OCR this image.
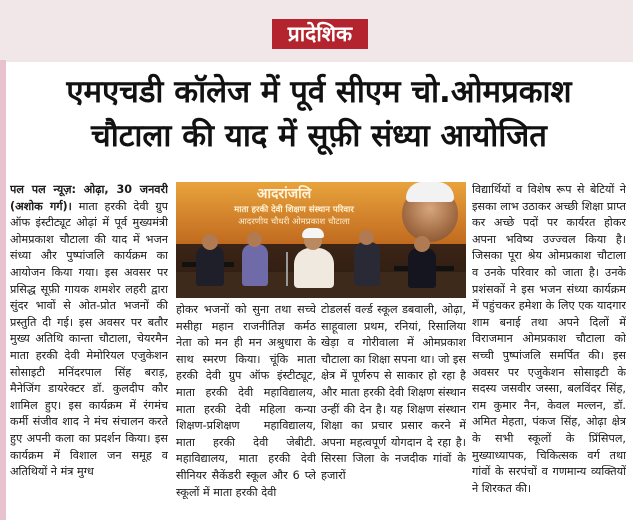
प्रादेशिक
एमएचडी कॉलेज में पूर्व सीएम चो.ओमप्रकाश
चौटाला की याद में सूफ़ी संध्या आयोजित
पल पल न्यूज़: ओढ़ा, 30 जनवरी (अशोक गर्ग)। माता हरकी देवी ग्रुप ऑफ इंस्टीट्यूट ओढ़ां में पूर्व मुख्यमंत्री ओमप्रकाश चौटाला की याद में भजन संध्या और पुष्पांजलि कार्यक्रम का आयोजन किया गया। इस अवसर पर प्रसिद्ध सूफ़ी गायक शमशेर लहरी द्वारा सुंदर भावों से ओत-प्रोत भजनों की प्रस्तुति दी गई। इस अवसर पर बतौर मुख्य अतिथि कान्ता चौटाला, चेयरमैन माता हरकी देवी मेमोरियल एजुकेशन सोसाइटी मनिंदरपाल सिंह बराड़, मैनेजिंग डायरेक्टर डॉ. कुलदीप कौर शामिल हुए। इस कार्यक्रम में रंगमंच कर्मी संजीव शाद ने मंच संचालन करते हुए अपनी कला का प्रदर्शन किया। इस कार्यक्रम में विशाल जन समूह व अतिथियों ने मंत्र मुग्ध
आदरांजलि
माता हरकी देवी शिक्षण संस्थान परिवार
आदरणीय चौधरी ओमप्रकाश चौटाला
होकर भजनों को सुना तथा सच्चे मसीहा महान राजनीतिज्ञ कर्मठ नेता को मन ही मन अश्रुधारा के साथ स्मरण किया। चूंकि माता हरकी देवी ग्रुप ऑफ इंस्टीट्यूट, माता हरकी देवी महाविद्यालय, माता हरकी देवी महिला कन्या शिक्षण-प्रशिक्षण महाविद्यालय, माता हरकी देवी जेबीटी. महाविद्यालय, माता हरकी देवी सीनियर सैकेंडरी स्कूल और 6 प्ले स्कूलों में माता हरकी देवी
टोडलर्स वर्ल्ड स्कूल डबवाली, ओढ़ा, साहूवाला प्रथम, रनियां, रिसालिया खेड़ा व गोरीवाला में ओमप्रकाश चौटाला का शिक्षा सपना था। जो इस क्षेत्र में पूर्णरुप से साकार हो रहा है और माता हरकी देवी शिक्षण संस्थान उन्हीं की देन है। यह शिक्षण संस्थान शिक्षा का प्रचार प्रसार करने में अपना महत्वपूर्ण योगदान दे रहा है। सिरसा जिला के नजदीक गांवों के हजारों
विद्यार्थियों व विशेष रूप से बेटियों ने इसका लाभ उठाकर अच्छी शिक्षा प्राप्त कर अच्छे पदों पर कार्यरत होकर अपना भविष्य उज्ज्वल किया है। जिसका पूरा श्रेय ओमप्रकाश चौटाला व उनके परिवार को जाता है। उनके प्रशंसकों ने इस भजन संध्या कार्यक्रम में पहुंचकर हमेशा के लिए एक यादगार शाम बनाई तथा अपने दिलों में विराजमान ओमप्रकाश चौटाला को सच्ची पुष्पांजलि समर्पित की। इस अवसर पर एजुकेशन सोसाइटी के सदस्य जसवीर जस्सा, बलविंदर सिंह, राम कुमार नैन, केवल मल्लन, डॉ. अमित मेहता, पंकज सिंह, ओढ़ा क्षेत्र के सभी स्कूलों के प्रिंसिपल, मुख्याध्यापक, चिकित्सक वर्ग तथा गांवों के सरपंचों व गणमान्य व्यक्तियों ने शिरकत की।
